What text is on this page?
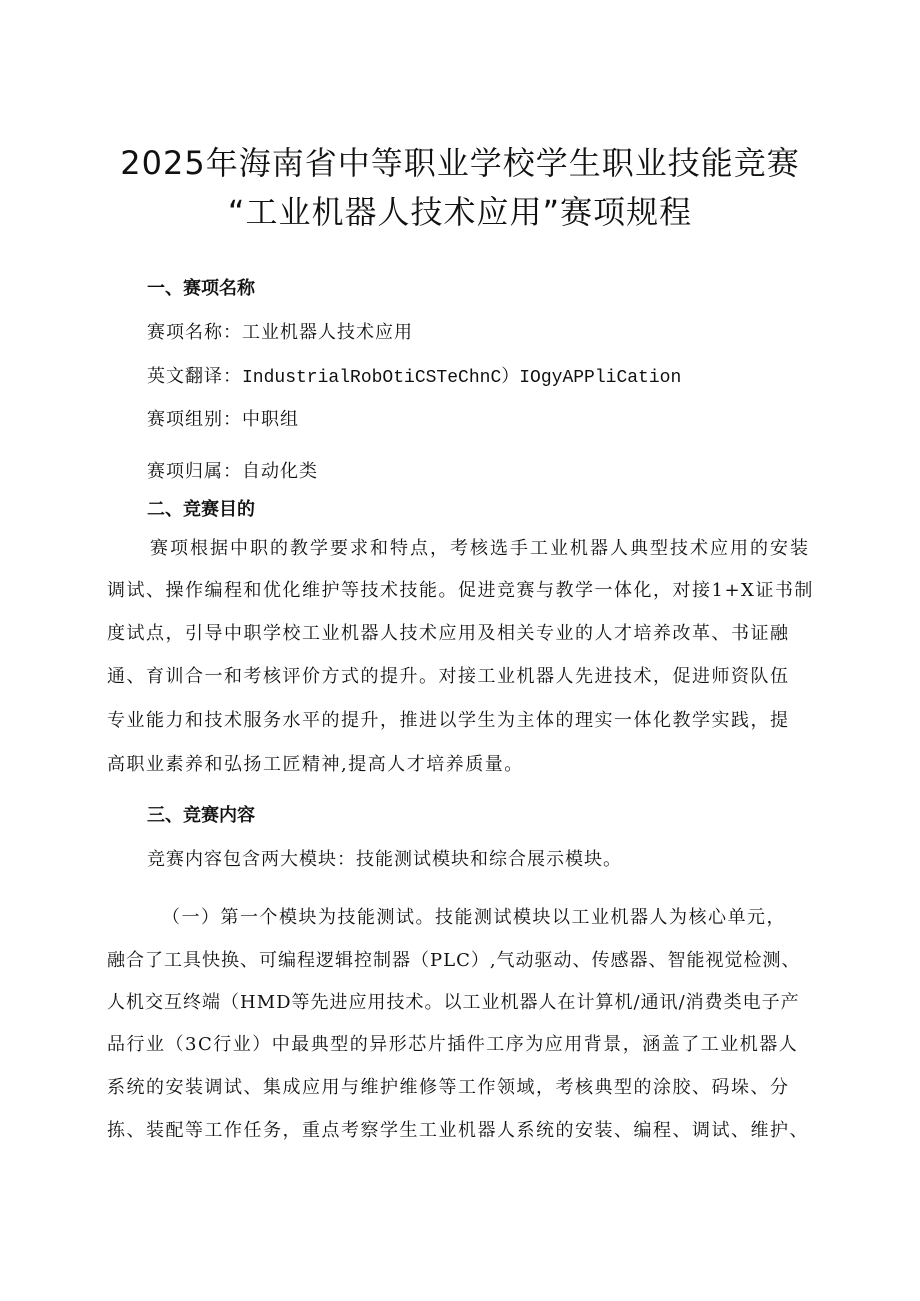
2025年海南省中等职业学校学生职业技能竞赛
“工业机器人技术应用”赛项规程
一、赛项名称
赛项名称：工业机器人技术应用
英文翻译：IndustrialRobOtiCSTeChnC）IOgyAPPliCation
赛项组别：中职组
赛项归属：自动化类
二、竞赛目的
赛项根据中职的教学要求和特点，考核选手工业机器人典型技术应用的安装
调试、操作编程和优化维护等技术技能。促进竞赛与教学一体化，对接1+X证书制
度试点，引导中职学校工业机器人技术应用及相关专业的人才培养改革、书证融
通、育训合一和考核评价方式的提升。对接工业机器人先进技术，促进师资队伍
专业能力和技术服务水平的提升，推进以学生为主体的理实一体化教学实践，提
高职业素养和弘扬工匠精神,提高人才培养质量。
三、竞赛内容
竞赛内容包含两大模块：技能测试模块和综合展示模块。
（一）第一个模块为技能测试。技能测试模块以工业机器人为核心单元，
融合了工具快换、可编程逻辑控制器（PLC）,气动驱动、传感器、智能视觉检测、
人机交互终端（HMD等先进应用技术。以工业机器人在计算机/通讯/消费类电子产
品行业（3C行业）中最典型的异形芯片插件工序为应用背景，涵盖了工业机器人
系统的安装调试、集成应用与维护维修等工作领域，考核典型的涂胶、码垛、分
拣、装配等工作任务，重点考察学生工业机器人系统的安装、编程、调试、维护、
